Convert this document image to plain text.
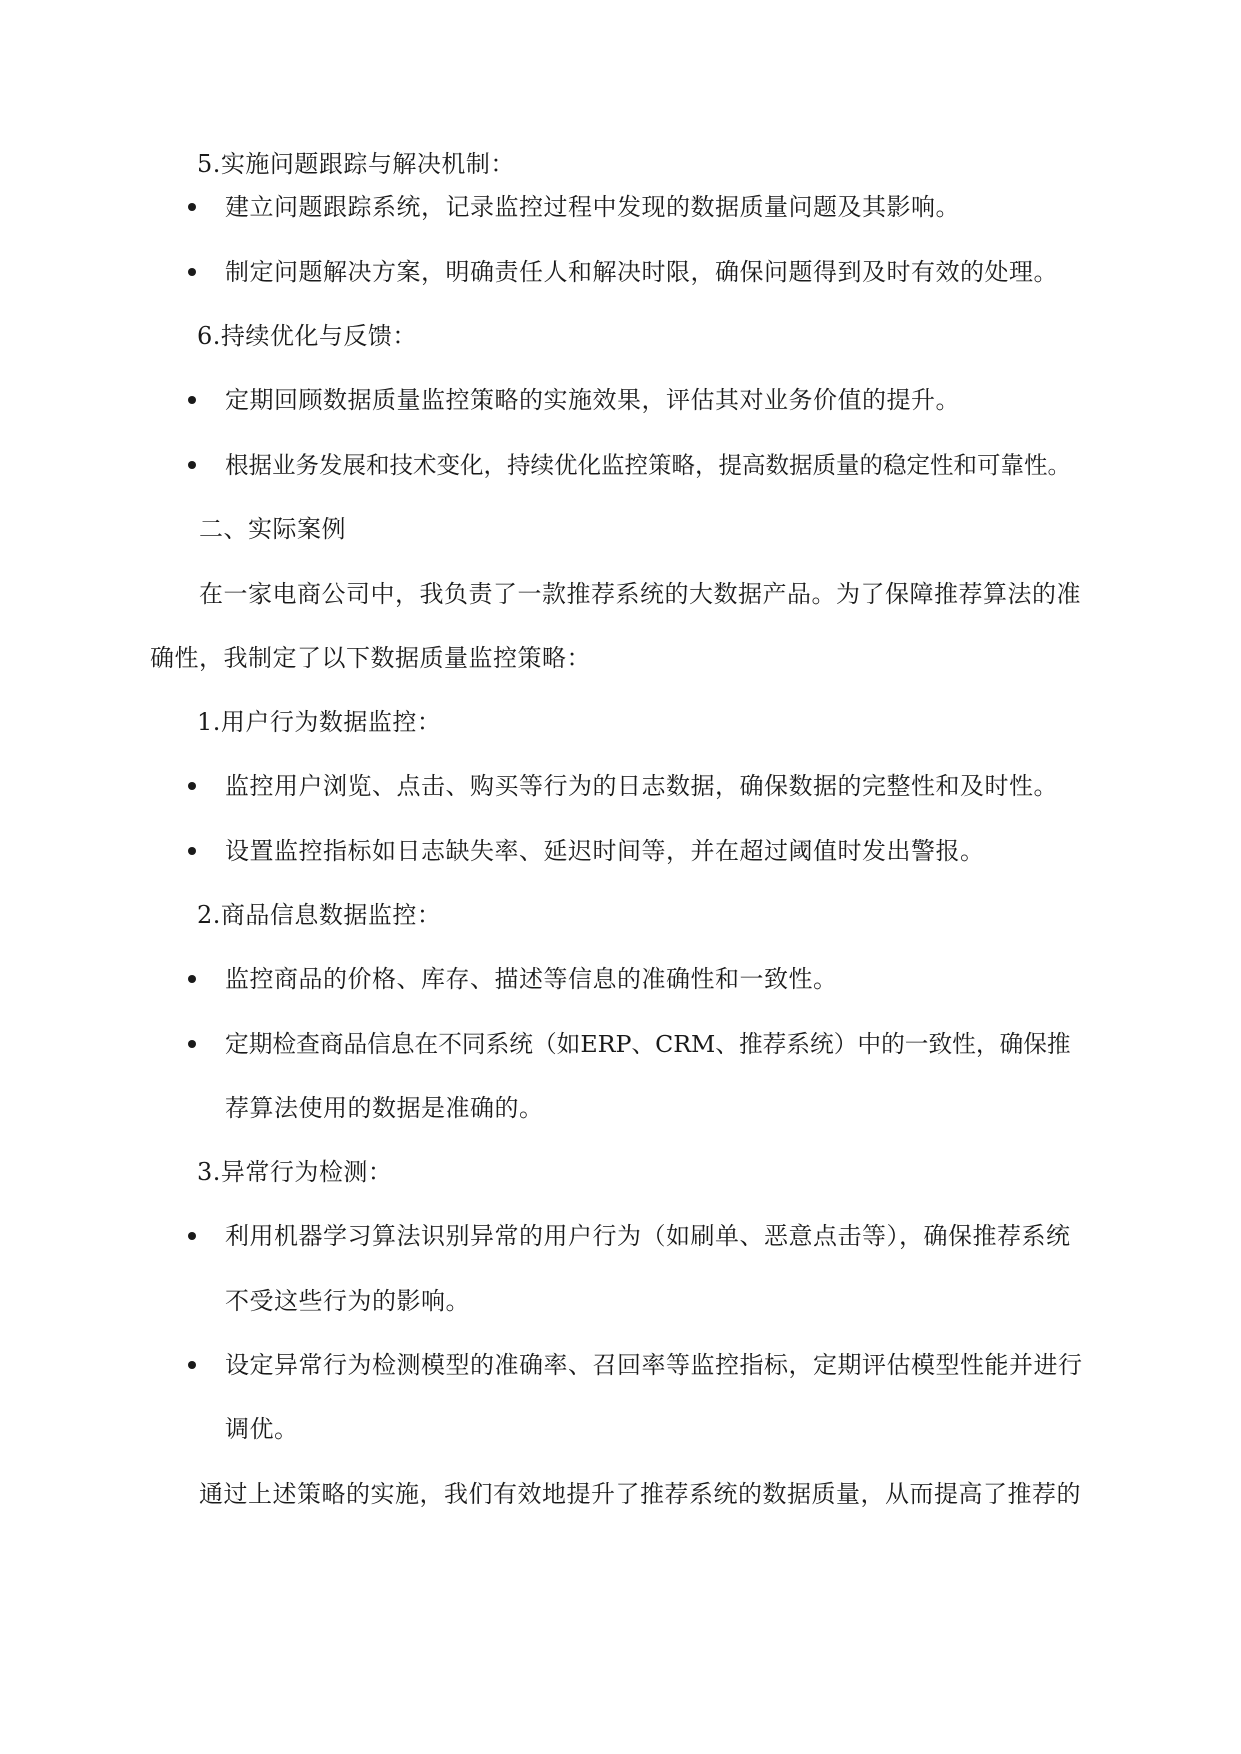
5.实施问题跟踪与解决机制：
建立问题跟踪系统，记录监控过程中发现的数据质量问题及其影响。
制定问题解决方案，明确责任人和解决时限，确保问题得到及时有效的处理。
6.持续优化与反馈：
定期回顾数据质量监控策略的实施效果，评估其对业务价值的提升。
根据业务发展和技术变化，持续优化监控策略，提高数据质量的稳定性和可靠性。
二、实际案例
在一家电商公司中，我负责了一款推荐系统的大数据产品。为了保障推荐算法的准
确性，我制定了以下数据质量监控策略：
1.用户行为数据监控：
监控用户浏览、点击、购买等行为的日志数据，确保数据的完整性和及时性。
设置监控指标如日志缺失率、延迟时间等，并在超过阈值时发出警报。
2.商品信息数据监控：
监控商品的价格、库存、描述等信息的准确性和一致性。
定期检查商品信息在不同系统（如ERP、CRM、推荐系统）中的一致性，确保推
荐算法使用的数据是准确的。
3.异常行为检测：
利用机器学习算法识别异常的用户行为（如刷单、恶意点击等），确保推荐系统
不受这些行为的影响。
设定异常行为检测模型的准确率、召回率等监控指标，定期评估模型性能并进行
调优。
通过上述策略的实施，我们有效地提升了推荐系统的数据质量，从而提高了推荐的
